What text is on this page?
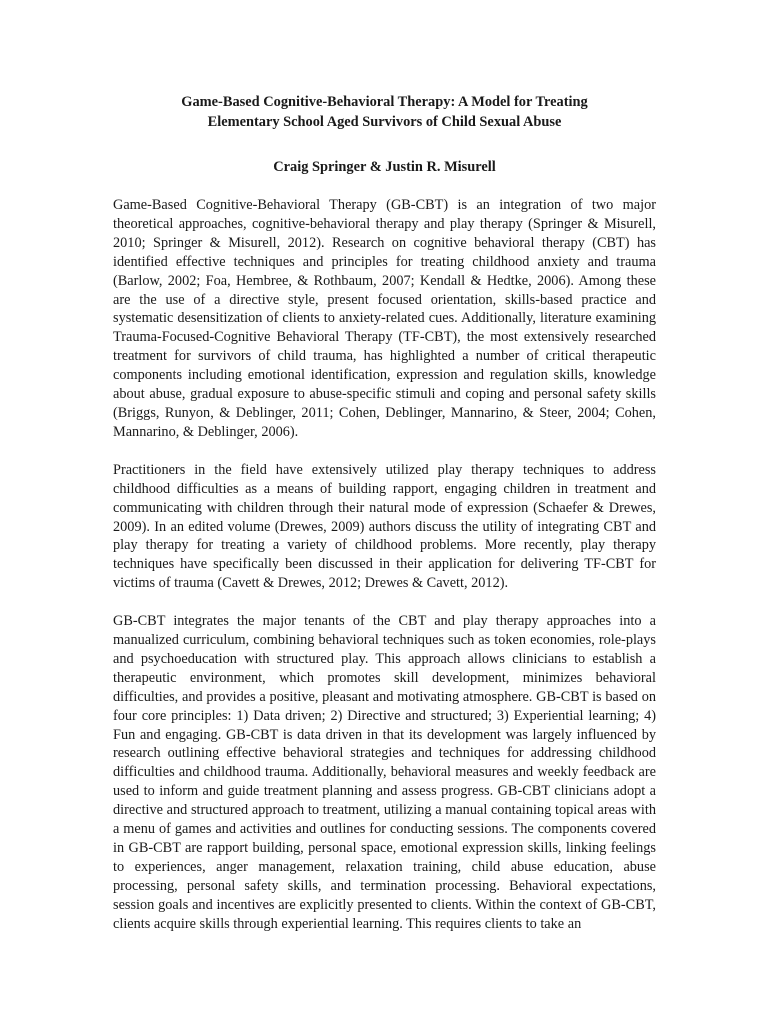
Game-Based Cognitive-Behavioral Therapy: A Model for Treating
Elementary School Aged Survivors of Child Sexual Abuse

Craig Springer & Justin R. Misurell

Game-Based Cognitive-Behavioral Therapy (GB-CBT) is an integration of two major theoretical approaches, cognitive-behavioral therapy and play therapy (Springer & Misurell, 2010; Springer & Misurell, 2012). Research on cognitive behavioral therapy (CBT) has identified effective techniques and principles for treating childhood anxiety and trauma (Barlow, 2002; Foa, Hembree, & Rothbaum, 2007; Kendall & Hedtke, 2006). Among these are the use of a directive style, present focused orientation, skills-based practice and systematic desensitization of clients to anxiety-related cues. Additionally, literature examining Trauma-Focused-Cognitive Behavioral Therapy (TF-CBT), the most extensively researched treatment for survivors of child trauma, has highlighted a number of critical therapeutic components including emotional identification, expression and regulation skills, knowledge about abuse, gradual exposure to abuse-specific stimuli and coping and personal safety skills (Briggs, Runyon, & Deblinger, 2011; Cohen, Deblinger, Mannarino, & Steer, 2004; Cohen, Mannarino, & Deblinger, 2006).

Practitioners in the field have extensively utilized play therapy techniques to address childhood difficulties as a means of building rapport, engaging children in treatment and communicating with children through their natural mode of expression (Schaefer & Drewes, 2009). In an edited volume (Drewes, 2009) authors discuss the utility of integrating CBT and play therapy for treating a variety of childhood problems. More recently, play therapy techniques have specifically been discussed in their application for delivering TF-CBT for victims of trauma (Cavett & Drewes, 2012; Drewes & Cavett, 2012).

GB-CBT integrates the major tenants of the CBT and play therapy approaches into a manualized curriculum, combining behavioral techniques such as token economies, role-plays and psychoeducation with structured play. This approach allows clinicians to establish a therapeutic environment, which promotes skill development, minimizes behavioral difficulties, and provides a positive, pleasant and motivating atmosphere. GB-CBT is based on four core principles: 1) Data driven; 2) Directive and structured; 3) Experiential learning; 4) Fun and engaging. GB-CBT is data driven in that its development was largely influenced by research outlining effective behavioral strategies and techniques for addressing childhood difficulties and childhood trauma. Additionally, behavioral measures and weekly feedback are used to inform and guide treatment planning and assess progress. GB-CBT clinicians adopt a directive and structured approach to treatment, utilizing a manual containing topical areas with a menu of games and activities and outlines for conducting sessions. The components covered in GB-CBT are rapport building, personal space, emotional expression skills, linking feelings to experiences, anger management, relaxation training, child abuse education, abuse processing, personal safety skills, and termination processing. Behavioral expectations, session goals and incentives are explicitly presented to clients. Within the context of GB-CBT, clients acquire skills through experiential learning. This requires clients to take an
